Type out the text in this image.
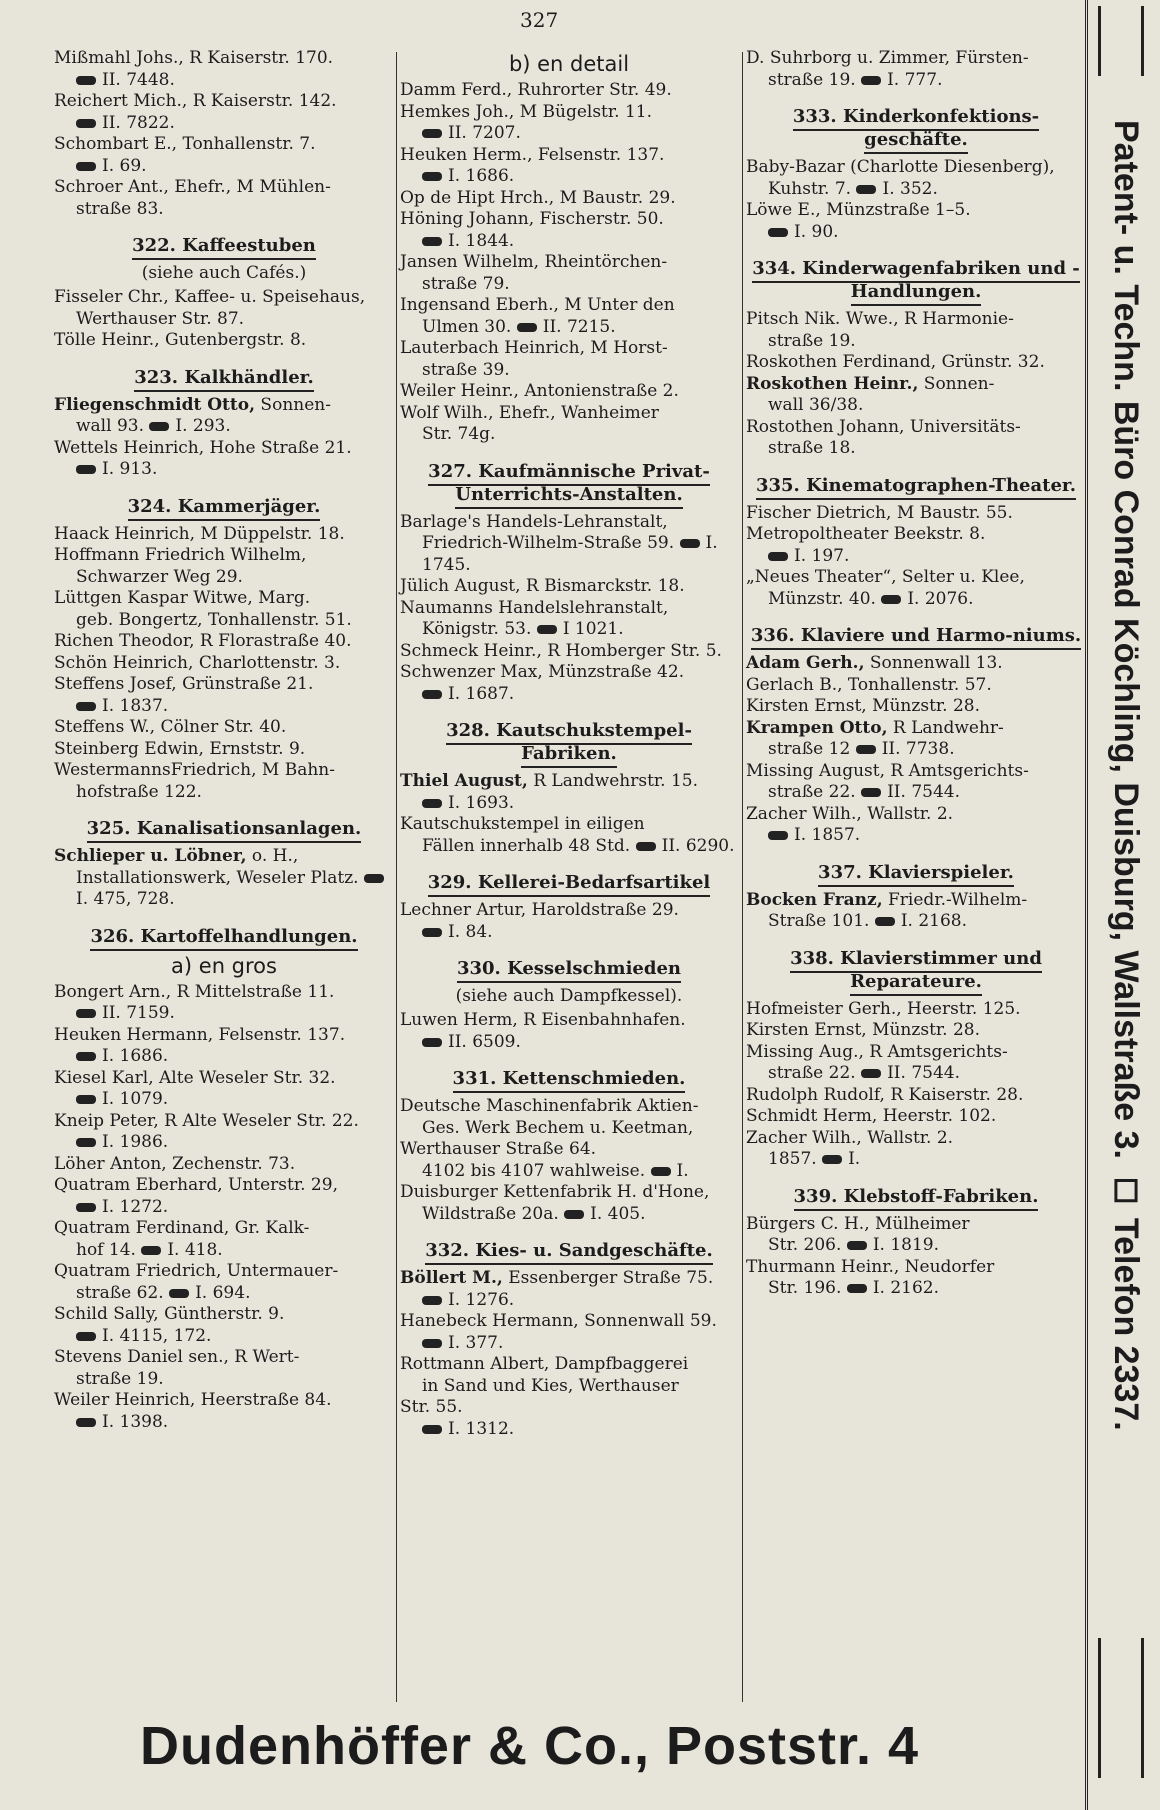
327
Mißmahl Johs., R Kaiserstr. 170.
II. 7448.
Reichert Mich., R Kaiserstr. 142.
II. 7822.
Schombart E., Tonhallenstr. 7.
I. 69.
Schroer Ant., Ehefr., M Mühlen-
straße 83.
322. Kaffeestuben
(siehe auch Cafés.)
Fisseler Chr., Kaffee- u. Speisehaus,
Werthauser Str. 87.
Tölle Heinr., Gutenbergstr. 8.
323. Kalkhändler.
Fliegenschmidt Otto, Sonnen-
wall 93. I. 293.
Wettels Heinrich, Hohe Straße 21.
I. 913.
324. Kammerjäger.
Haack Heinrich, M Düppelstr. 18.
Hoffmann Friedrich Wilhelm,
Schwarzer Weg 29.
Lüttgen Kaspar Witwe, Marg.
geb. Bongertz, Tonhallenstr. 51.
Richen Theodor, R Florastraße 40.
Schön Heinrich, Charlottenstr. 3.
Steffens Josef, Grünstraße 21.
I. 1837.
Steffens W., Cölner Str. 40.
Steinberg Edwin, Ernststr. 9.
WestermannsFriedrich, M Bahn-
hofstraße 122.
325. Kanalisationsanlagen.
Schlieper u. Löbner, o. H.,
Installationswerk, Weseler Platz. I. 475, 728.
326. Kartoffelhandlungen.
a) en gros
Bongert Arn., R Mittelstraße 11.
II. 7159.
Heuken Hermann, Felsenstr. 137.
I. 1686.
Kiesel Karl, Alte Weseler Str. 32.
I. 1079.
Kneip Peter, R Alte Weseler Str. 22.
I. 1986.
Löher Anton, Zechenstr. 73.
Quatram Eberhard, Unterstr. 29,
I. 1272.
Quatram Ferdinand, Gr. Kalk-
hof 14. I. 418.
Quatram Friedrich, Untermauer-
straße 62. I. 694.
Schild Sally, Güntherstr. 9.
I. 4115, 172.
Stevens Daniel sen., R Wert-
straße 19.
Weiler Heinrich, Heerstraße 84.
I. 1398.
b) en detail
Damm Ferd., Ruhrorter Str. 49.
Hemkes Joh., M Bügelstr. 11.
II. 7207.
Heuken Herm., Felsenstr. 137.
I. 1686.
Op de Hipt Hrch., M Baustr. 29.
Höning Johann, Fischerstr. 50.
I. 1844.
Jansen Wilhelm, Rheintörchen-
straße 79.
Ingensand Eberh., M Unter den
Ulmen 30. II. 7215.
Lauterbach Heinrich, M Horst-
straße 39.
Weiler Heinr., Antonienstraße 2.
Wolf Wilh., Ehefr., Wanheimer
Str. 74g.
327. Kaufmännische Privat-Unterrichts-Anstalten.
Barlage's Handels-Lehranstalt,
Friedrich-Wilhelm-Straße 59. I. 1745.
Jülich August, R Bismarckstr. 18.
Naumanns Handelslehranstalt,
Königstr. 53. I 1021.
Schmeck Heinr., R Homberger Str. 5.
Schwenzer Max, Münzstraße 42.
I. 1687.
328. Kautschukstempel-Fabriken.
Thiel August, R Landwehrstr. 15.
I. 1693.
Kautschukstempel in eiligen
Fällen innerhalb 48 Std. II. 6290.
329. Kellerei-Bedarfsartikel
Lechner Artur, Haroldstraße 29.
I. 84.
330. Kesselschmieden
(siehe auch Dampfkessel).
Luwen Herm, R Eisenbahnhafen.
II. 6509.
331. Kettenschmieden.
Deutsche Maschinenfabrik Aktien-
Ges. Werk Bechem u. Keetman,
Werthauser Straße 64.
4102 bis 4107 wahlweise. I.
Duisburger Kettenfabrik H. d'Hone,
Wildstraße 20a. I. 405.
332. Kies- u. Sandgeschäfte.
Böllert M., Essenberger Straße 75.
I. 1276.
Hanebeck Hermann, Sonnenwall 59.
I. 377.
Rottmann Albert, Dampfbaggerei
in Sand und Kies, Werthauser
Str. 55.
I. 1312.
D. Suhrborg u. Zimmer, Fürsten-
straße 19. I. 777.
333. Kinderkonfektions-geschäfte.
Baby-Bazar (Charlotte Diesenberg),
Kuhstr. 7. I. 352.
Löwe E., Münzstraße 1–5.
I. 90.
334. Kinderwagenfabriken und -Handlungen.
Pitsch Nik. Wwe., R Harmonie-
straße 19.
Roskothen Ferdinand, Grünstr. 32.
Roskothen Heinr., Sonnen-
wall 36/38.
Rostothen Johann, Universitäts-
straße 18.
335. Kinematographen-Theater.
Fischer Dietrich, M Baustr. 55.
Metropoltheater Beekstr. 8.
I. 197.
„Neues Theater“, Selter u. Klee,
Münzstr. 40. I. 2076.
336. Klaviere und Harmo-niums.
Adam Gerh., Sonnenwall 13.
Gerlach B., Tonhallenstr. 57.
Kirsten Ernst, Münzstr. 28.
Krampen Otto, R Landwehr-
straße 12 II. 7738.
Missing August, R Amtsgerichts-
straße 22. II. 7544.
Zacher Wilh., Wallstr. 2.
I. 1857.
337. Klavierspieler.
Bocken Franz, Friedr.-Wilhelm-
Straße 101. I. 2168.
338. Klavierstimmer und Reparateure.
Hofmeister Gerh., Heerstr. 125.
Kirsten Ernst, Münzstr. 28.
Missing Aug., R Amtsgerichts-
straße 22. II. 7544.
Rudolph Rudolf, R Kaiserstr. 28.
Schmidt Herm, Heerstr. 102.
Zacher Wilh., Wallstr. 2.
1857. I.
339. Klebstoff-Fabriken.
Bürgers C. H., Mülheimer
Str. 206. I. 1819.
Thurmann Heinr., Neudorfer
Str. 196. I. 2162.	Patent- u. Techn. Büro Conrad Köchling, Duisburg, Wallstraße 3. ◻ Telefon 2337.
Dudenhöffer & Co., Poststr. 4
